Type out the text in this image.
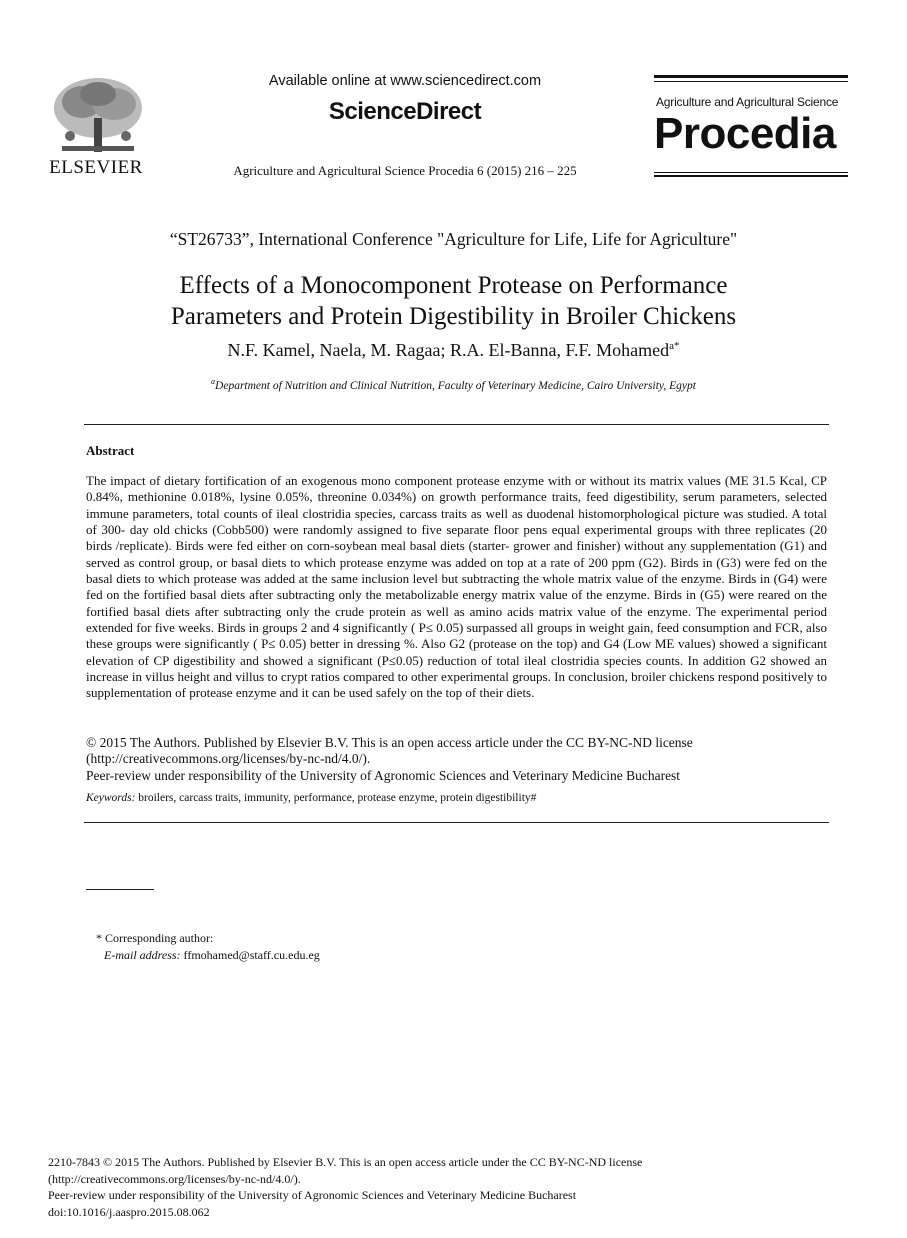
ELSEVIER
Available online at www.sciencedirect.com
ScienceDirect
Agriculture and Agricultural Science Procedia 6 (2015) 216 – 225
Agriculture and Agricultural Science
Procedia
“ST26733”, International Conference "Agriculture for Life, Life for Agriculture"
Effects of a Monocomponent Protease on Performance
Parameters and Protein Digestibility in Broiler Chickens
N.F. Kamel, Naela, M. Ragaa; R.A. El-Banna, F.F. Mohamed$^{a*}$
$^a$Department of Nutrition and Clinical Nutrition, Faculty of Veterinary Medicine, Cairo University, Egypt
Abstract
The impact of dietary fortification of an exogenous mono component protease enzyme with or without its matrix values (ME 31.5 Kcal, CP 0.84%, methionine 0.018%, lysine 0.05%, threonine 0.034%) on growth performance traits, feed digestibility, serum parameters, selected immune parameters, total counts of ileal clostridia species, carcass traits as well as duodenal histomorphological picture was studied. A total of 300- day old chicks (Cobb500) were randomly assigned to five separate floor pens equal experimental groups with three replicates (20 birds /replicate). Birds were fed either on corn-soybean meal basal diets (starter- grower and finisher) without any supplementation (G1) and served as control group, or basal diets to which protease enzyme was added on top at a rate of 200 ppm (G2). Birds in (G3) were fed on the basal diets to which protease was added at the same inclusion level but subtracting the whole matrix value of the enzyme. Birds in (G4) were fed on the fortified basal diets after subtracting only the metabolizable energy matrix value of the enzyme. Birds in (G5) were reared on the fortified basal diets after subtracting only the crude protein as well as amino acids matrix value of the enzyme. The experimental period extended for five weeks. Birds in groups 2 and 4 significantly ( P≤ 0.05) surpassed all groups in weight gain, feed consumption and FCR, also these groups were significantly ( P≤ 0.05) better in dressing %. Also G2 (protease on the top) and G4 (Low ME values) showed a significant elevation of CP digestibility and showed a significant (P≤0.05) reduction of total ileal clostridia species counts. In addition G2 showed an increase in villus height and villus to crypt ratios compared to other experimental groups. In conclusion, broiler chickens respond positively to supplementation of protease enzyme and it can be used safely on the top of their diets.
© 2015 The Authors. Published by Elsevier B.V. This is an open access article under the CC BY-NC-ND license
(http://creativecommons.org/licenses/by-nc-nd/4.0/).
Peer-review under responsibility of the University of Agronomic Sciences and Veterinary Medicine Bucharest
Keywords: broilers, carcass traits, immunity, performance, protease enzyme, protein digestibility#
* Corresponding author:
E-mail address: ffmohamed@staff.cu.edu.eg
2210-7843 © 2015 The Authors. Published by Elsevier B.V. This is an open access article under the CC BY-NC-ND license
(http://creativecommons.org/licenses/by-nc-nd/4.0/).
Peer-review under responsibility of the University of Agronomic Sciences and Veterinary Medicine Bucharest
doi:10.1016/j.aaspro.2015.08.062
